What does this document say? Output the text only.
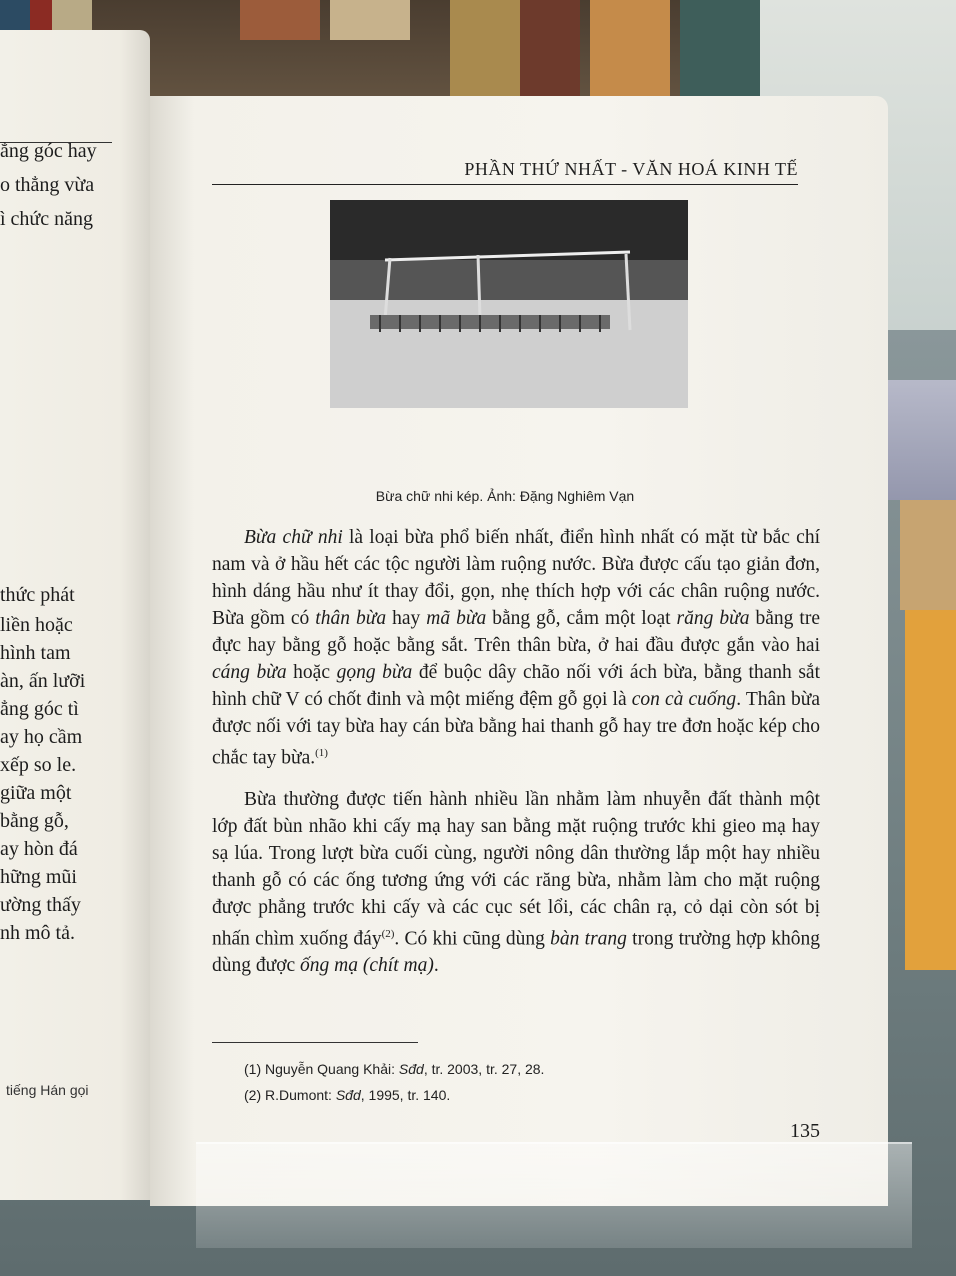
ẳng góc hay
o thẳng vừa
ì chức năng
thức phát
liền hoặc
hình tam
àn, ấn lưỡi
ẳng góc tì
ay họ cầm
xếp so le.
giữa một
bằng gỗ,
ay hòn đá
hững mũi
ường thấy
nh mô tả.
tiếng Hán gọi
PHẦN THỨ NHẤT - VĂN HOÁ KINH TẾ
Bừa chữ nhi kép. Ảnh: Đặng Nghiêm Vạn

Bừa chữ nhi là loại bừa phổ biến nhất, điển hình nhất có mặt từ bắc chí nam và ở hầu hết các tộc người làm ruộng nước. Bừa được cấu tạo giản đơn, hình dáng hầu như ít thay đổi, gọn, nhẹ thích hợp với các chân ruộng nước. Bừa gồm có thân bừa hay mã bừa bằng gỗ, cắm một loạt răng bừa bằng tre đực hay bằng gỗ hoặc bằng sắt. Trên thân bừa, ở hai đầu được gắn vào hai cáng bừa hoặc gọng bừa để buộc dây chão nối với ách bừa, bằng thanh sắt hình chữ V có chốt đinh và một miếng đệm gỗ gọi là con cà cuống. Thân bừa được nối với tay bừa hay cán bừa bằng hai thanh gỗ hay tre đơn hoặc kép cho chắc tay bừa.$^{(1)}$

Bừa thường được tiến hành nhiều lần nhằm làm nhuyễn đất thành một lớp đất bùn nhão khi cấy mạ hay san bằng mặt ruộng trước khi gieo mạ hay sạ lúa. Trong lượt bừa cuối cùng, người nông dân thường lắp một hay nhiều thanh gỗ có các ống tương ứng với các răng bừa, nhằm làm cho mặt ruộng được phẳng trước khi cấy và các cục sét lổi, các chân rạ, cỏ dại còn sót bị nhấn chìm xuống đáy$^{(2)}$. Có khi cũng dùng bàn trang trong trường hợp không dùng được ống mạ (chít mạ).

(1) Nguyễn Quang Khải: Sđd, tr. 2003, tr. 27, 28.
(2) R.Dumont: Sđd, 1995, tr. 140.
135
